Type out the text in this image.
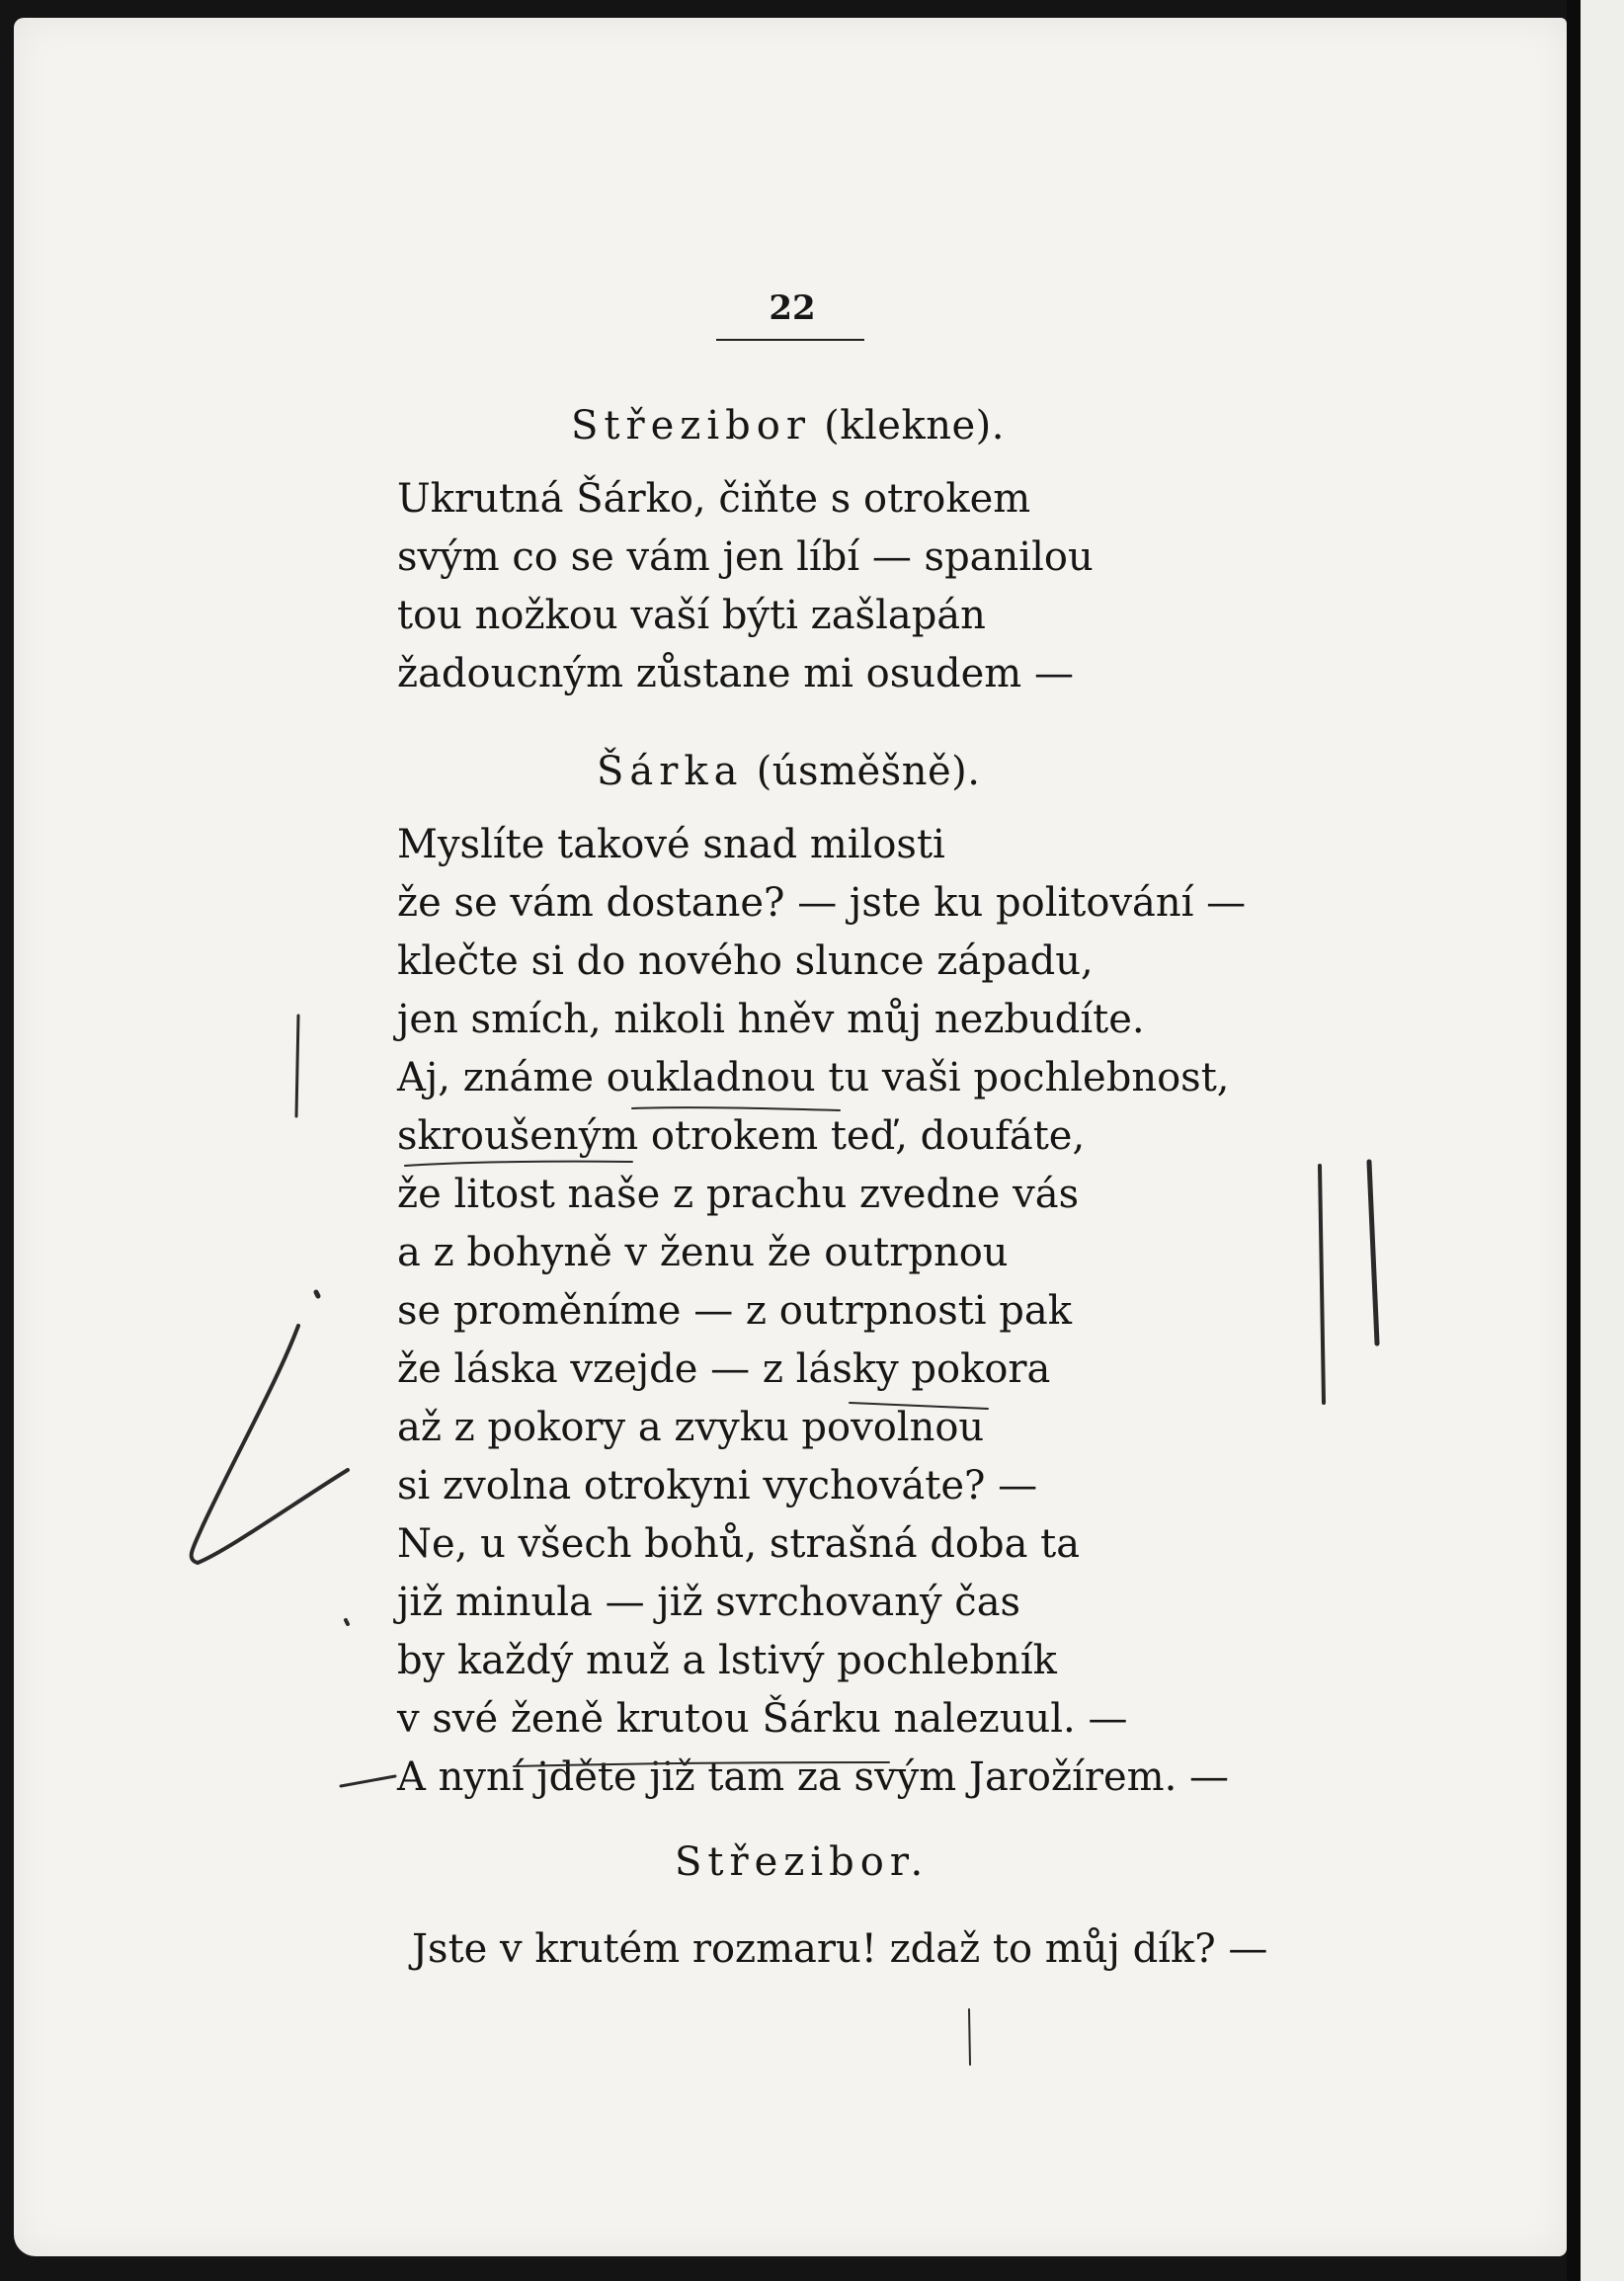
22
Střezibor (klekne).
Ukrutná Šárko, čiňte s otrokem
svým co se vám jen líbí — spanilou
tou nožkou vaší býti zašlapán
žadoucným zůstane mi osudem —
Šárka (úsměšně).
Myslíte takové snad milosti
že se vám dostane? — jste ku politování —
klečte si do nového slunce západu,
jen smích, nikoli hněv můj nezbudíte.
Aj, známe oukladnou tu vaši pochlebnost,
skroušeným otrokem teď, doufáte,
že litost naše z prachu zvedne vás
a z bohyně v ženu že outrpnou
se proměníme — z outrpnosti pak
že láska vzejde — z lásky pokora
až z pokory a zvyku povolnou
si zvolna otrokyni vychováte? —
Ne, u všech bohů, strašná doba ta
již minula — již svrchovaný čas
by každý muž a lstivý pochlebník
v své ženě krutou Šárku nalezuul. —
A nyní jděte již tam za svým Jarožírem. —
Střezibor.
Jste v krutém rozmaru! zdaž to můj dík? —
